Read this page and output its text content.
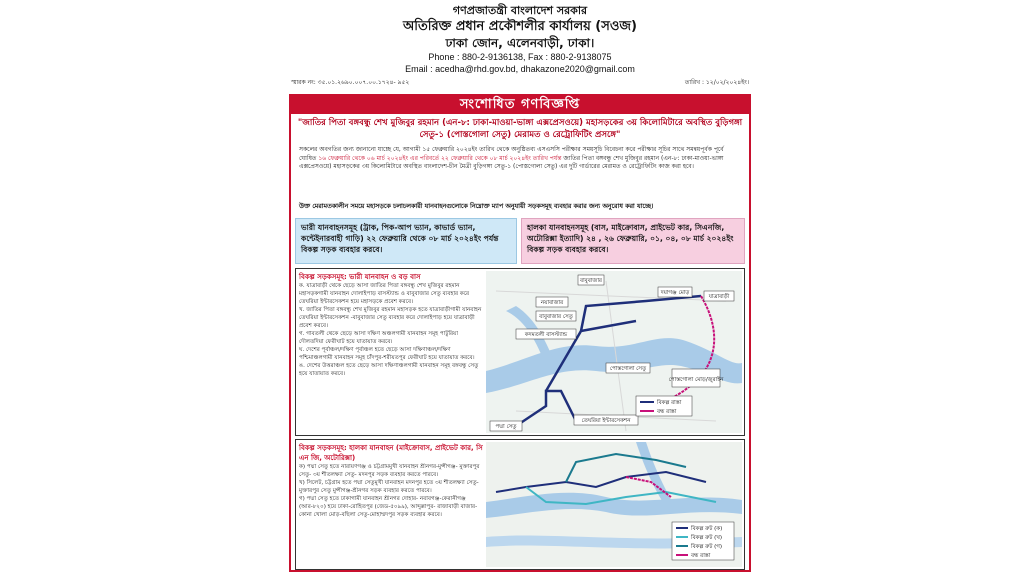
গণপ্রজাতন্ত্রী বাংলাদেশ সরকার
অতিরিক্ত প্রধান প্রকৌশলীর কার্যালয় (সওজ)
ঢাকা জোন, এলেনবাড়ী, ঢাকা।
Phone : 880-2-9136138, Fax : 880-2-9138075
Email : acedha@rhd.gov.bd, dhakazone2020@gmail.com
স্মারক নং: ৩৫.০১.২৬৯০.০০৭.০০.১৭২৪- ৯৫২	তারিখ : ১২/০২/২০২৪ইং।
সংশোধিত গণবিজ্ঞপ্তি
"জাতির পিতা বঙ্গবন্ধু শেখ মুজিবুর রহমান (এন-৮: ঢাকা-মাওয়া-ভাঙ্গা এক্সপ্রেসওয়ে) মহাসড়কের ৩য় কিলোমিটারে অবস্থিত বুড়িগঙ্গা সেতু-১ (পোস্তগোলা সেতু) মেরামত ও রেট্রোফিটিং প্রসঙ্গে"
সকলের অবগতির জন্য জানানো যাচ্ছে যে, আগামী ১৫ ফেব্রুয়ারি ২০২৪ইং তারিখ থেকে অনুষ্ঠিতব্য এসএসসি পরীক্ষার সময়সূচি বিবেচনা করে পরীক্ষার সূচির সাথে সমন্বয়পূর্বক পূর্বে ঘোষিত ১৬ ফেব্রুয়ারি থেকে ০৬ মার্চ ২০২৪ইং এর পরিবর্তে ২২ ফেব্রুয়ারি থেকে ০৮ মার্চ ২০২৪ইং তারিখ পর্যন্ত জাতির পিতা বঙ্গবন্ধু শেখ মুজিবুর রহমান (এন-৮: ঢাকা-মাওয়া-ভাঙ্গা এক্সপ্রেসওয়ে) মহাসড়কের ৩য় কিলোমিটারে অবস্থিত বাংলাদেশ-চীন মৈত্রী বুড়িগঙ্গা সেতু-১ (পোস্তগোলা সেতু) এর দুটি গার্ডারের মেরামত ও রেট্রোফিটিং কাজ করা হবে।
উক্ত মেরামতকালীন সময়ে মহাসড়কে চলাচলকারী যানবাহনগুলোকে নিম্নোক্ত ম্যাপ অনুযায়ী সড়কসমূহ ব্যবহার করার জন্য অনুরোধ করা যাচ্ছে।
ভারী যানবাহনসমূহ (ট্রাক, পিক-আপ ভ্যান, কাভার্ড ভ্যান, কন্টেইনারবাহী গাড়ি) ২২ ফেব্রুয়ারি থেকে ০৮ মার্চ ২০২৪ইং পর্যন্ত বিকল্প সড়ক ব্যবহার করবে।
হালকা যানবাহনসমূহ (বাস, মাইক্রোবাস, প্রাইভেট কার, সিএনজি, অটোরিক্সা ইত্যাদি) ২৪ , ২৬ ফেব্রুয়ারি, ০১, ০৪, ০৮ মার্চ ২০২৪ইং বিকল্প সড়ক ব্যবহার করবে।
বিকল্প সড়কসমূহ: ভারী যানবাহন ও বড় বাস
ক. যাত্রাবাড়ী থেকে ছেড়ে আসা জাতির পিতা বঙ্গবন্ধু শেখ মুজিবুর রহমান মহাসড়কগামী যানবাহন দোলাইপাড় বাসস্ট্যান্ড ও বাবুবাজার সেতু ব্যবহার করে তেঘরিয়া ইন্টারসেকশন হয়ে মহাসড়কে প্রবেশ করবে।
খ. জাতির পিতা বঙ্গবন্ধু শেখ মুজিবুর রহমান মহাসড়ক হতে যাত্রাবাড়ীগামী যানবাহন তেঘরিয়া ইন্টারসেকশন -বাবুবাজার সেতু ব্যবহার করে দোলাইপাড় হয়ে যাত্রাবাড়ী প্রবেশ করবে।
গ. গাবতলী থেকে ছেড়ে আসা দক্ষিণ অঞ্চলগামী যানবাহন সমূহ পাটুরিয়া দৌলতদিয়া ফেরীঘাট হয়ে যাতায়াত করবে।
ঘ. দেশের পূর্বাঞ্চল/দক্ষিণ পূর্বাঞ্চল হতে ছেড়ে আসা দক্ষিণাঞ্চল/দক্ষিণ পশ্চিমাঞ্চলগামী যানবাহন সমূহ চাঁদপুর-শরীয়তপুর ফেরীঘাট হয়ে যাতায়াত করবে।
ঙ. দেশের উত্তরাঞ্চল হতে ছেড়ে আসা দক্ষিণাঞ্চলগামী যানবাহন সমূহ বঙ্গবন্ধু সেতু হয়ে যাতায়াত করবে।
দয়াগঞ্জ মোড়
যাত্রাবাড়ী
বাবুবাজার
নয়াবাজার
বাবুবাজার সেতু
কদমতলী বাসস্ট্যান্ড
পোস্তগোলা সেতু
পোস্তগোলা মোড়/জুরাইন
তেঘরিয়া ইন্টারসেকশন
পদ্মা সেতু
বিকল্প রাস্তা
বন্ধ রাস্তা
বিকল্প সড়কসমূহ: হালকা যানবাহন (মাইক্রোবাস, প্রাইভেট কার, সি এন জি, অটোরিক্সা)
ক) পদ্মা সেতু হতে নারায়ণগঞ্জ ও চট্টগ্রামমুখী যানবাহন শ্রীনগর-মুন্সীগঞ্জ- মুক্তারপুর সেতু- ৩য় শীতলক্ষ্যা সেতু- মদনপুর সড়ক ব্যবহার করতে পারবে।
খ) সিলেট, চট্টগ্রাম হতে পদ্মা সেতুমুখী যানবাহন মদনপুর হতে ৩য় শীতলক্ষ্যা সেতু- মুক্তারপুর সেতু মুন্সীগঞ্জ-শ্রীনগর সড়ক ব্যবহার করতে পারবে।
গ) পদ্মা সেতু হতে ঢাকাগামী যানবাহন শ্রীনগর দোহার- নবাবগঞ্জ-কেরানীগঞ্জ (আর-৮২০) হয়ে ঢাকা-রোহিতপুর (জেড-৫০৯৯), আব্দুল্লাপুর- রাজাবাড়ী বাজার- কোনা খোলা মোড়-বছিলা সেতু-মোহাম্মদপুর সড়ক ব্যবহার করবে।
বিকল্প রুট (ক)
বিকল্প রুট (খ)
বিকল্প রুট (গ)
বন্ধ রাস্তা
